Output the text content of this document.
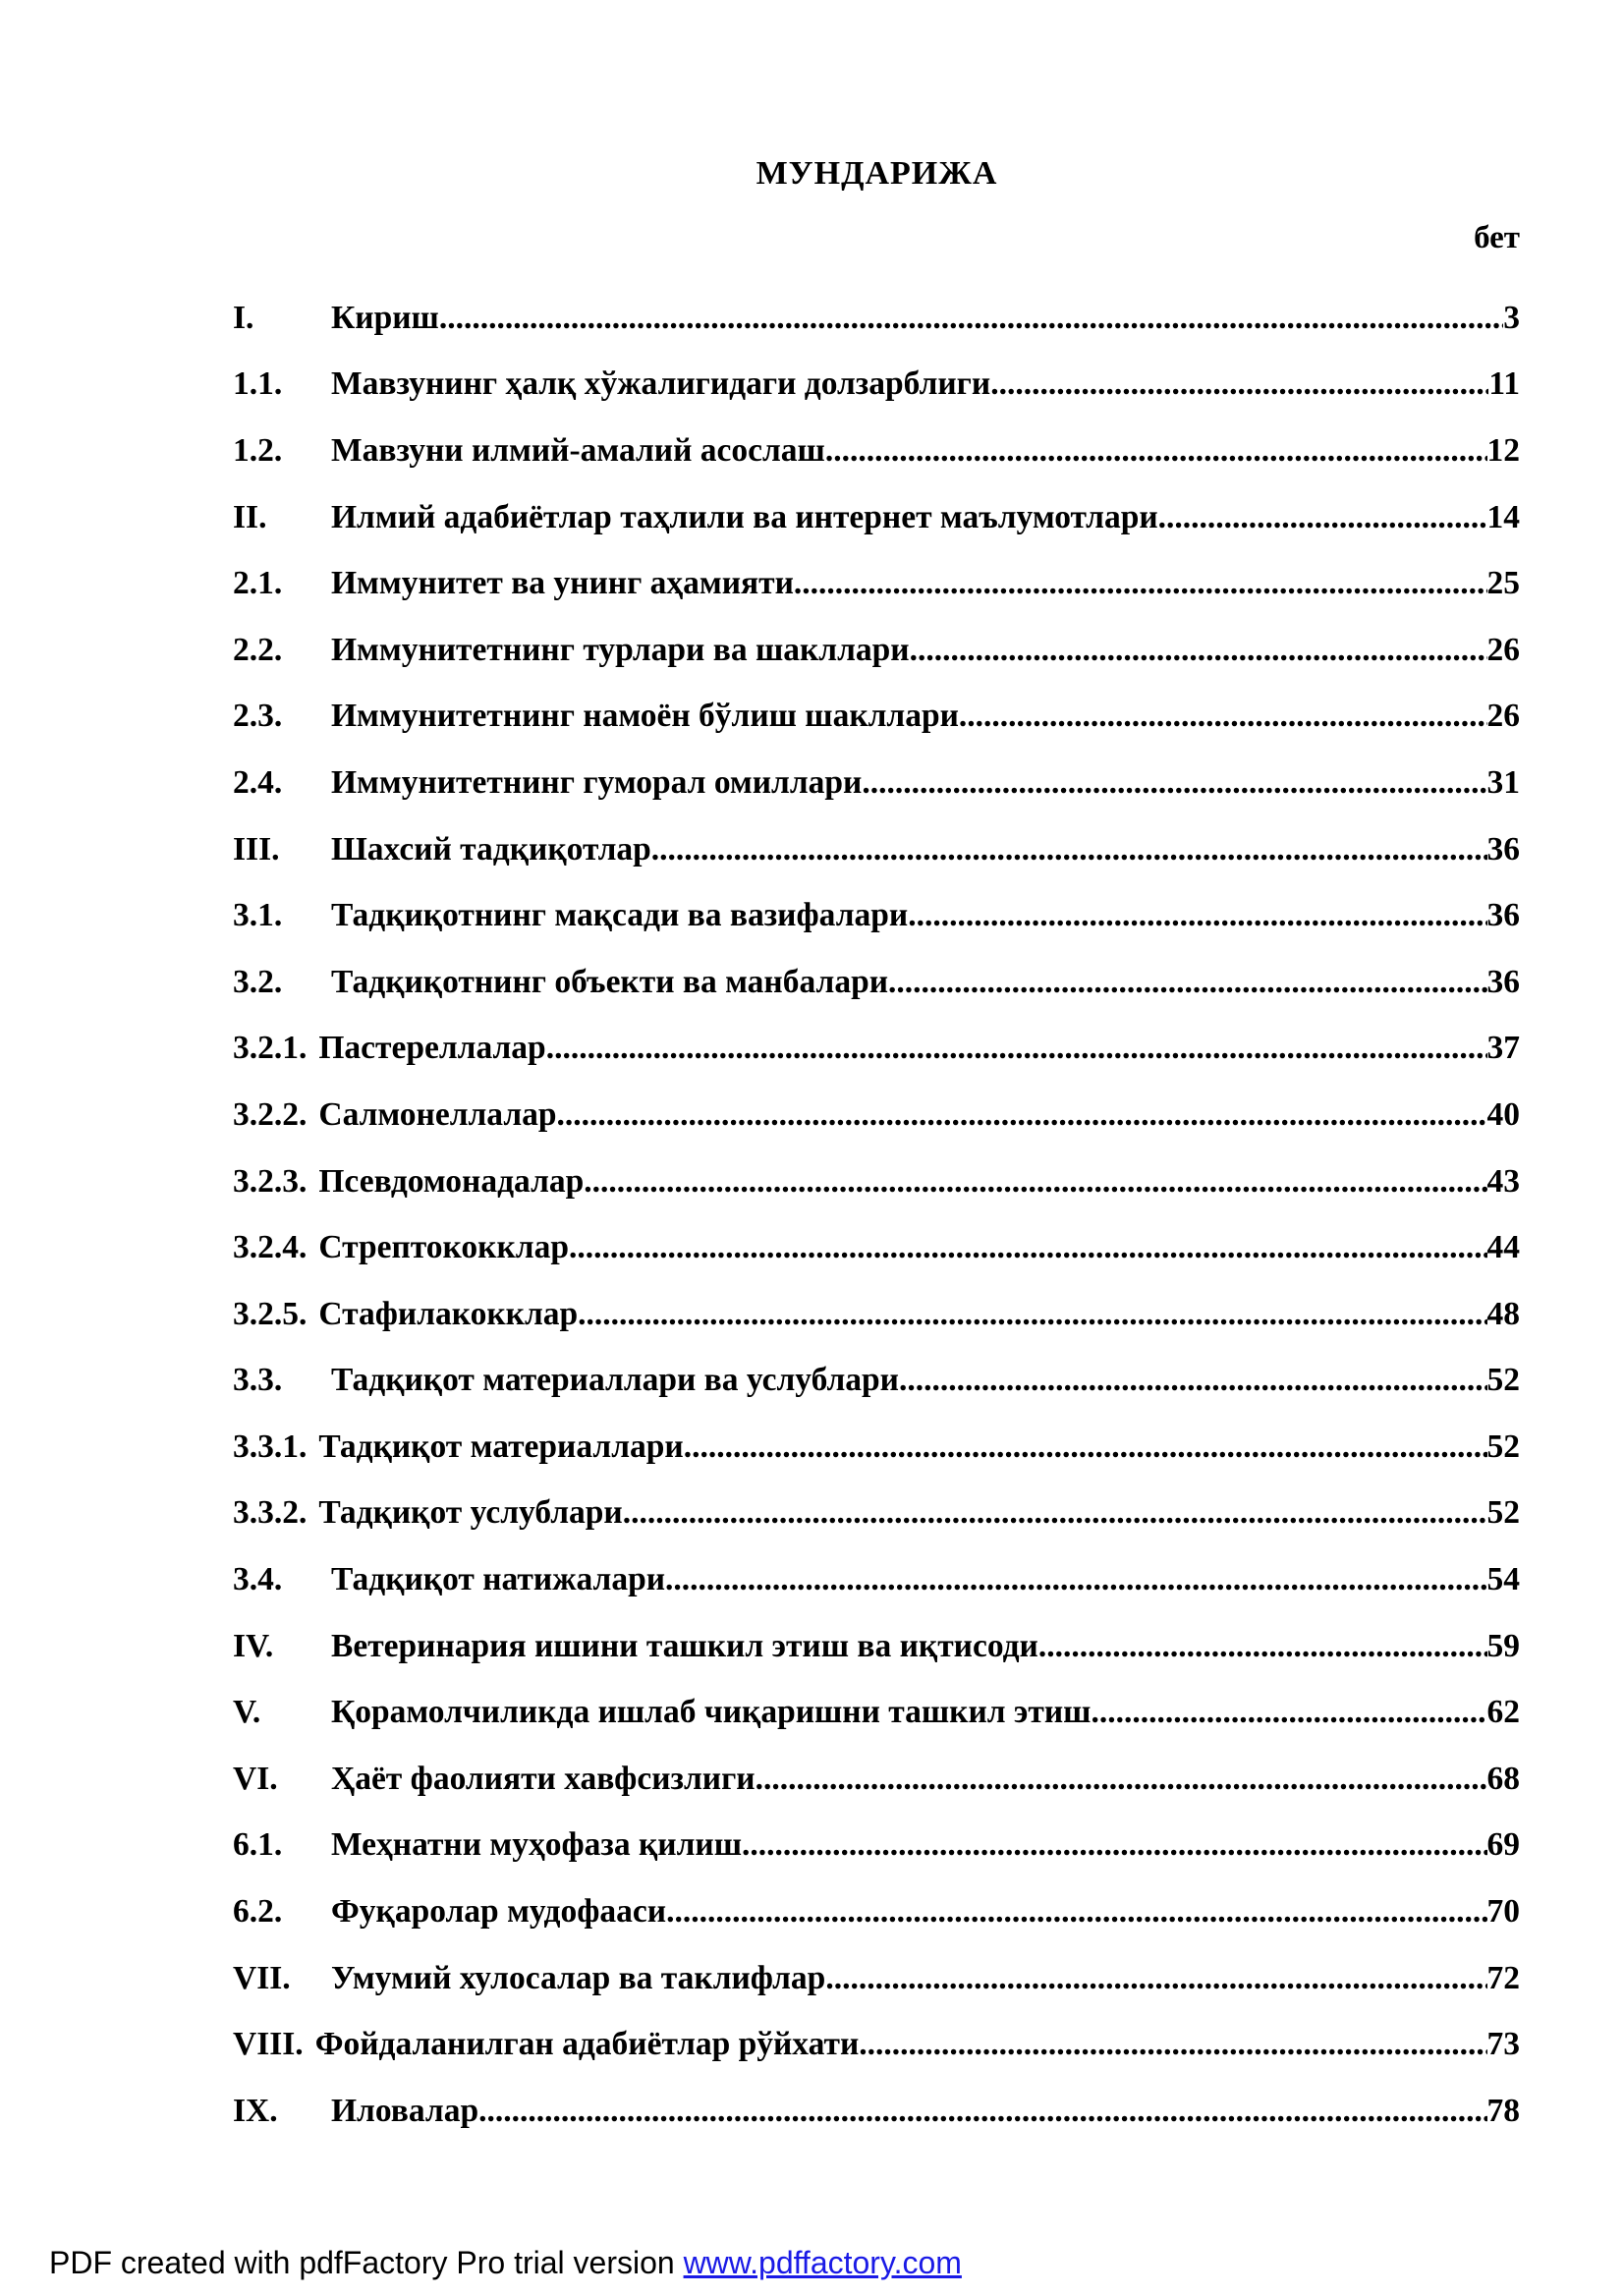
МУНДАРИЖА
бет
I.	Кириш .....	3
1.1.	Мавзунинг ҳалқ хўжалигидаги долзарблиги .....	11
1.2.	Мавзуни илмий-амалий асослаш .....	12
II.	Илмий адабиётлар таҳлили ва интернет маълумотлари .....	14
2.1.	Иммунитет ва унинг аҳамияти .....	25
2.2.	Иммунитетнинг турлари ва шакллари .....	26
2.3.	Иммунитетнинг намоён бўлиш шакллари .....	26
2.4.	Иммунитетнинг гуморал омиллари .....	31
III.	Шахсий тадқиқотлар .....	36
3.1.	Тадқиқотнинг мақсади ва вазифалари .....	36
3.2.	Тадқиқотнинг объекти ва манбалари .....	36
3.2.1. Пастереллалар .....	37
3.2.2. Салмонеллалар .....	40
3.2.3. Псевдомонадалар .....	43
3.2.4. Стрептококклар .....	44
3.2.5. Стафилакокклар .....	48
3.3.	Тадқиқот материаллари ва услублари .....	52
3.3.1. Тадқиқот материаллари .....	52
3.3.2. Тадқиқот услублари .....	52
3.4.	Тадқиқот натижалари .....	54
IV.	Ветеринария ишини ташкил этиш ва иқтисоди .....	59
V.	Қорамолчиликда ишлаб чиқаришни ташкил этиш .....	62
VI.	Ҳаёт фаолияти хавфсизлиги .....	68
6.1.	Меҳнатни муҳофаза қилиш .....	69
6.2.	Фуқаролар мудофааси .....	70
VII.	Умумий хулосалар ва таклифлар .....	72
VIII. Фойдаланилган адабиётлар рўйхати .....	73
IX.	Иловалар .....	78
PDF created with pdfFactory Pro trial version www.pdffactory.com
